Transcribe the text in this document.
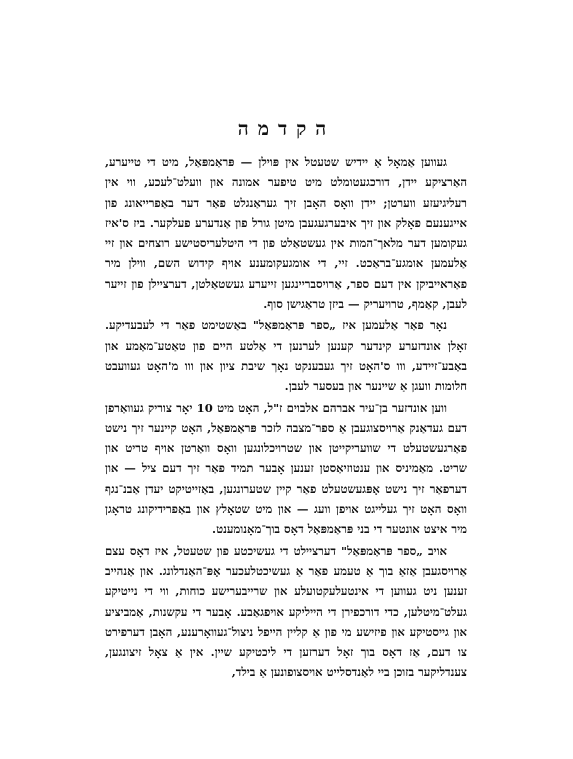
הקדמה

געווען אַמאָל אַ יידיש שטעטל אין פּוילן — פּראַמפּאַל, מיט די טייערע, האַרציקע יידן, דורכגעטומלט מיט טיפער אמונה און וועלט־לעכע, ווי אין רעליגיעזע ווערטן; יידן וואָס האָבן זיך געראַנגלט פאַר דער באַפרייאונג פון אייגענעם פאָלק און זיך איבערגעגעבן מיטן גורל פון אַנדערע פעלקער. ביז ס'איז געקומען דער מלאך־המות אין געשטאַלט פון די היטלעריסטישע רוצחים און זיי אַלעמען אומגע־בראַכט. זיי, די אומגעקומענע אויף קידוש השם, ווילן מיר פאַראייביקן אין דעם ספר, אַרויסבריינגען זייערע געשטאַלטן, דערציילן פון זייער לעבן, קאַמף, טרויעריק — ביזן טראַגישן סוף.

נאָר פאַר אַלעמען איז „ספר פּראַמפּאַל" באַשטימט פאַר די לעבעדיקע. זאָלן אונדזערע קינדער קענען לערנען די אַלטע היים פון טאַטע־מאַמע און באַבע־זיידע, ווו ס'האָט זיך געבענקט נאָך שיבת ציון און ווו מ'האָט געוועבט חלומות וועגן אַ שיינער און בעסער לעבן.

ווען אונדזער בן־עיר אברהם אלבוים ז"ל, האָט מיט 10 יאָר צוריק געוואַרפן דעם געדאַנק אַרויסצוגעבן אַ ספר־מצבה לזכר פּראַמפּאַל, האָט קיינער זיך נישט פאַרגעשטעלט די שוועריקייטן און שטרויכלונגען וואָס וואַרטן אויף טריט און שריט. מאַמיניס און ענטוזיאַסטן זענען אָבער תמיד פאַר זיך דעם ציל — און דערפאַר זיך נישט אָפּגעשטעלט פאַר קיין שטערונגען, באַזייטיקט יעדן אַבנ־נגף וואָס האָט זיך געלייגט אויפן וועג — און מיט שטאָלץ און באַפרידיקונג טראָגן מיר איצט אונטער די בני פּראַמפּאַל דאָס בוך־מאָנומענט.

אויב „ספר פּראַמפּאַל" דערציילט די געשיכטע פון שטעטל, איז דאָס עצם אַרויסגעבן אַזאַ בוך אַ טעמע פאַר אַ געשיכטלעכער אָפּ־האַנדלונג. און אַנהייב זענען ניט געווען די אינטעלעקטועלע און שרייבערישע כוחות, ווי די נייטיקע געלט־מיטלען, כדי דורכפירן די הייליקע אויפגאַבע. אָבער די עקשנות, אַמביציע און גייסטיקע און פיזישע מי פון אַ קליין הייפל ניצול־געוואָרענע, האָבן דערפירט צו דעם, אַז דאָס בוך זאָל דערזען די ליכטיקע שיין. אין אַ צאָל זיצונגען, צענדליקער בזוכן ביי לאַנדסלייט אויסצופונען אַ בילד,
